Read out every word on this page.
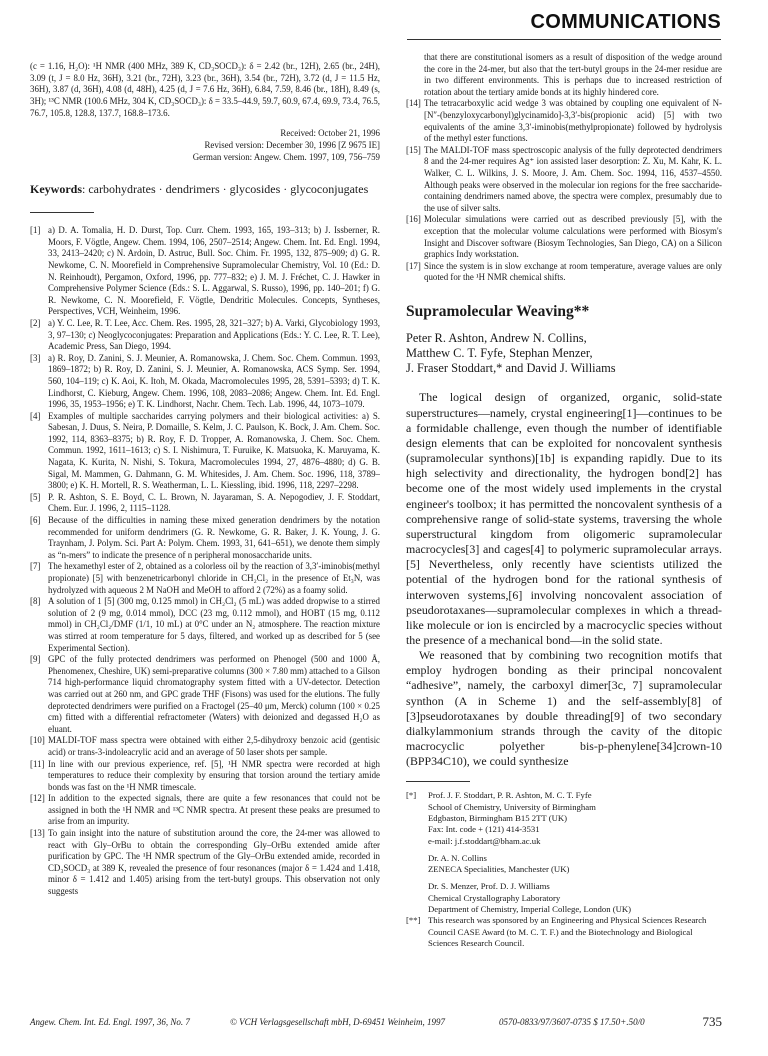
COMMUNICATIONS

(c = 1.16, H₂O): ¹H NMR (400 MHz, 389 K, CD₃SOCD₃): δ = 2.42 (br., 12H), 2.65 (br., 24H), 3.09 (t, J = 8.0 Hz, 36H), 3.21 (br., 72H), 3.23 (br., 36H), 3.54 (br., 72H), 3.72 (d, J = 11.5 Hz, 36H), 3.87 (d, 36H), 4.08 (d, 48H), 4.25 (d, J = 7.6 Hz, 36H), 6.84, 7.59, 8.46 (br., 18H), 8.49 (s, 3H); ¹³C NMR (100.6 MHz, 304 K, CD₃SOCD₃): δ = 33.5–44.9, 59.7, 60.9, 67.4, 69.9, 73.4, 76.5, 76.7, 105.8, 128.8, 137.7, 168.8–173.6.

Received: October 21, 1996
Revised version: December 30, 1996 [Z 9675 IE]
German version: Angew. Chem. 1997, 109, 756–759
Keywords: carbohydrates · dendrimers · glycosides · glycoconjugates
[1] a) D. A. Tomalia, H. D. Durst, Top. Curr. Chem. 1993, 165, 193–313; b) J. Issberner, R. Moors, F. Vögtle, Angew. Chem. 1994, 106, 2507–2514; Angew. Chem. Int. Ed. Engl. 1994, 33, 2413–2420; c) N. Ardoin, D. Astruc, Bull. Soc. Chim. Fr. 1995, 132, 875–909; d) G. R. Newkome, C. N. Moorefield in Comprehensive Supramolecular Chemistry, Vol. 10 (Ed.: D. N. Reinhoudt), Pergamon, Oxford, 1996, pp. 777–832; e) J. M. J. Fréchet, C. J. Hawker in Comprehensive Polymer Science (Eds.: S. L. Aggarwal, S. Russo), 1996, pp. 140–201; f) G. R. Newkome, C. N. Moorefield, F. Vögtle, Dendritic Molecules. Concepts, Syntheses, Perspectives, VCH, Weinheim, 1996.
[2] a) Y. C. Lee, R. T. Lee, Acc. Chem. Res. 1995, 28, 321–327; b) A. Varki, Glycobiology 1993, 3, 97–130; c) Neoglycoconjugates: Preparation and Applications (Eds.: Y. C. Lee, R. T. Lee), Academic Press, San Diego, 1994.
[3] a) R. Roy, D. Zanini, S. J. Meunier, A. Romanowska, J. Chem. Soc. Chem. Commun. 1993, 1869–1872; b) R. Roy, D. Zanini, S. J. Meunier, A. Romanowska, ACS Symp. Ser. 1994, 560, 104–119; c) K. Aoi, K. Itoh, M. Okada, Macromolecules 1995, 28, 5391–5393; d) T. K. Lindhorst, C. Kieburg, Angew. Chem. 1996, 108, 2083–2086; Angew. Chem. Int. Ed. Engl. 1996, 35, 1953–1956; e) T. K. Lindhorst, Nachr. Chem. Tech. Lab. 1996, 44, 1073–1079.
[4] Examples of multiple saccharides carrying polymers and their biological activities: a) S. Sabesan, J. Duus, S. Neira, P. Domaille, S. Kelm, J. C. Paulson, K. Bock, J. Am. Chem. Soc. 1992, 114, 8363–8375; b) R. Roy, F. D. Tropper, A. Romanowska, J. Chem. Soc. Chem. Commun. 1992, 1611–1613; c) S. I. Nishimura, T. Furuike, K. Matsuoka, K. Maruyama, K. Nagata, K. Kurita, N. Nishi, S. Tokura, Macromolecules 1994, 27, 4876–4880; d) G. B. Sigal, M. Mammen, G. Dahmann, G. M. Whitesides, J. Am. Chem. Soc. 1996, 118, 3789–3800; e) K. H. Mortell, R. S. Weatherman, L. L. Kiessling, ibid. 1996, 118, 2297–2298.
[5] P. R. Ashton, S. E. Boyd, C. L. Brown, N. Jayaraman, S. A. Nepogodiev, J. F. Stoddart, Chem. Eur. J. 1996, 2, 1115–1128.
[6] Because of the difficulties in naming these mixed generation dendrimers by the notation recommended for uniform dendrimers (G. R. Newkome, G. R. Baker, J. K. Young, J. G. Traynham, J. Polym. Sci. Part A: Polym. Chem. 1993, 31, 641–651), we denote them simply as “n-mers” to indicate the presence of n peripheral monosaccharide units.
[7] The hexamethyl ester of 2, obtained as a colorless oil by the reaction of 3,3′-iminobis(methyl propionate) [5] with benzenetricarbonyl chloride in CH₂Cl₂ in the presence of Et₃N, was hydrolyzed with aqueous 2 M NaOH and MeOH to afford 2 (72%) as a foamy solid.
[8] A solution of 1 [5] (300 mg, 0.125 mmol) in CH₂Cl₂ (5 mL) was added dropwise to a stirred solution of 2 (9 mg, 0.014 mmol), DCC (23 mg, 0.112 mmol), and HOBT (15 mg, 0.112 mmol) in CH₂Cl₂/DMF (1/1, 10 mL) at 0°C under an N₂ atmosphere. The reaction mixture was stirred at room temperature for 5 days, filtered, and worked up as described for 5 (see Experimental Section).
[9] GPC of the fully protected dendrimers was performed on Phenogel (500 and 1000 Å, Phenomenex, Cheshire, UK) semi-preparative columns (300 × 7.80 mm) attached to a Gilson 714 high-performance liquid chromatography system fitted with a UV-detector. Detection was carried out at 260 nm, and GPC grade THF (Fisons) was used for the elutions. The fully deprotected dendrimers were purified on a Fractogel (25–40 μm, Merck) column (100 × 0.25 cm) fitted with a differential refractometer (Waters) with deionized and degassed H₂O as eluant.
[10] MALDI-TOF mass spectra were obtained with either 2,5-dihydroxy benzoic acid (gentisic acid) or trans-3-indoleacrylic acid and an average of 50 laser shots per sample.
[11] In line with our previous experience, ref. [5], ¹H NMR spectra were recorded at high temperatures to reduce their complexity by ensuring that torsion around the tertiary amide bonds was fast on the ¹H NMR timescale.
[12] In addition to the expected signals, there are quite a few resonances that could not be assigned in both the ¹H NMR and ¹³C NMR spectra. At present these peaks are presumed to arise from an impurity.
[13] To gain insight into the nature of substitution around the core, the 24-mer was allowed to react with Gly–OrBu to obtain the corresponding Gly–OrBu extended amide after purification by GPC. The ¹H NMR spectrum of the Gly–OrBu extended amide, recorded in CD₃SOCD₃ at 389 K, revealed the presence of four resonances (major δ = 1.424 and 1.418, minor δ = 1.412 and 1.405) arising from the tert-butyl groups. This observation not only suggests
that there are constitutional isomers as a result of disposition of the wedge around the core in the 24-mer, but also that the tert-butyl groups in the 24-mer residue are in two different environments. This is perhaps due to increased restriction of rotation about the tertiary amide bonds at its highly hindered core.
[14] The tetracarboxylic acid wedge 3 was obtained by coupling one equivalent of N-[N″-(benzyloxycarbonyl)glycinamido]-3,3′-bis(propionic acid) [5] with two equivalents of the amine 3,3′-iminobis(methylpropionate) followed by hydrolysis of the methyl ester functions.
[15] The MALDI-TOF mass spectroscopic analysis of the fully deprotected dendrimers 8 and the 24-mer requires Ag⁺ ion assisted laser desorption: Z. Xu, M. Kahr, K. L. Walker, C. L. Wilkins, J. S. Moore, J. Am. Chem. Soc. 1994, 116, 4537–4550. Although peaks were observed in the molecular ion regions for the free saccharide-containing dendrimers named above, the spectra were complex, presumably due to the use of silver salts.
[16] Molecular simulations were carried out as described previously [5], with the exception that the molecular volume calculations were performed with Biosym's Insight and Discover software (Biosym Technologies, San Diego, CA) on a Silicon graphics Indy workstation.
[17] Since the system is in slow exchange at room temperature, average values are only quoted for the ¹H NMR chemical shifts.
Supramolecular Weaving**
Peter R. Ashton, Andrew N. Collins,
Matthew C. T. Fyfe, Stephan Menzer,
J. Fraser Stoddart,* and David J. Williams

The logical design of organized, organic, solid-state superstructures—namely, crystal engineering[1]—continues to be a formidable challenge, even though the number of identifiable design elements that can be exploited for noncovalent synthesis (supramolecular synthons)[1b] is expanding rapidly. Due to its high selectivity and directionality, the hydrogen bond[2] has become one of the most widely used implements in the crystal engineer's toolbox; it has permitted the noncovalent synthesis of a comprehensive range of solid-state systems, traversing the whole superstructural kingdom from oligomeric supramolecular macrocycles[3] and cages[4] to polymeric supramolecular arrays.[5] Nevertheless, only recently have scientists utilized the potential of the hydrogen bond for the rational synthesis of interwoven systems,[6] involving noncovalent association of pseudorotaxanes—supramolecular complexes in which a thread-like molecule or ion is encircled by a macrocyclic species without the presence of a mechanical bond—in the solid state.

We reasoned that by combining two recognition motifs that employ hydrogen bonding as their principal noncovalent “adhesive”, namely, the carboxyl dimer[3c, 7] supramolecular synthon (A in Scheme 1) and the self-assembly[8] of [3]pseudorotaxanes by double threading[9] of two secondary dialkylammonium strands through the cavity of the ditopic macrocyclic polyether bis-p-phenylene[34]crown-10 (BPP34C10), we could synthesize

[*] Prof. J. F. Stoddart, P. R. Ashton, M. C. T. Fyfe

School of Chemistry, University of Birmingham

Edgbaston, Birmingham B15 2TT (UK)

Fax: Int. code + (121) 414-3531

e-mail: j.f.stoddart@bham.ac.uk

Dr. A. N. Collins

ZENECA Specialities, Manchester (UK)

Dr. S. Menzer, Prof. D. J. Williams

Chemical Crystallography Laboratory

Department of Chemistry, Imperial College, London (UK)

[**] This research was sponsored by an Engineering and Physical Sciences Research Council CASE Award (to M. C. T. F.) and the Biotechnology and Biological Sciences Research Council.

Angew. Chem. Int. Ed. Engl. 1997, 36, No. 7	© VCH Verlagsgesellschaft mbH, D-69451 Weinheim, 1997	0570-0833/97/3607-0735 $ 17.50+.50/0	735
